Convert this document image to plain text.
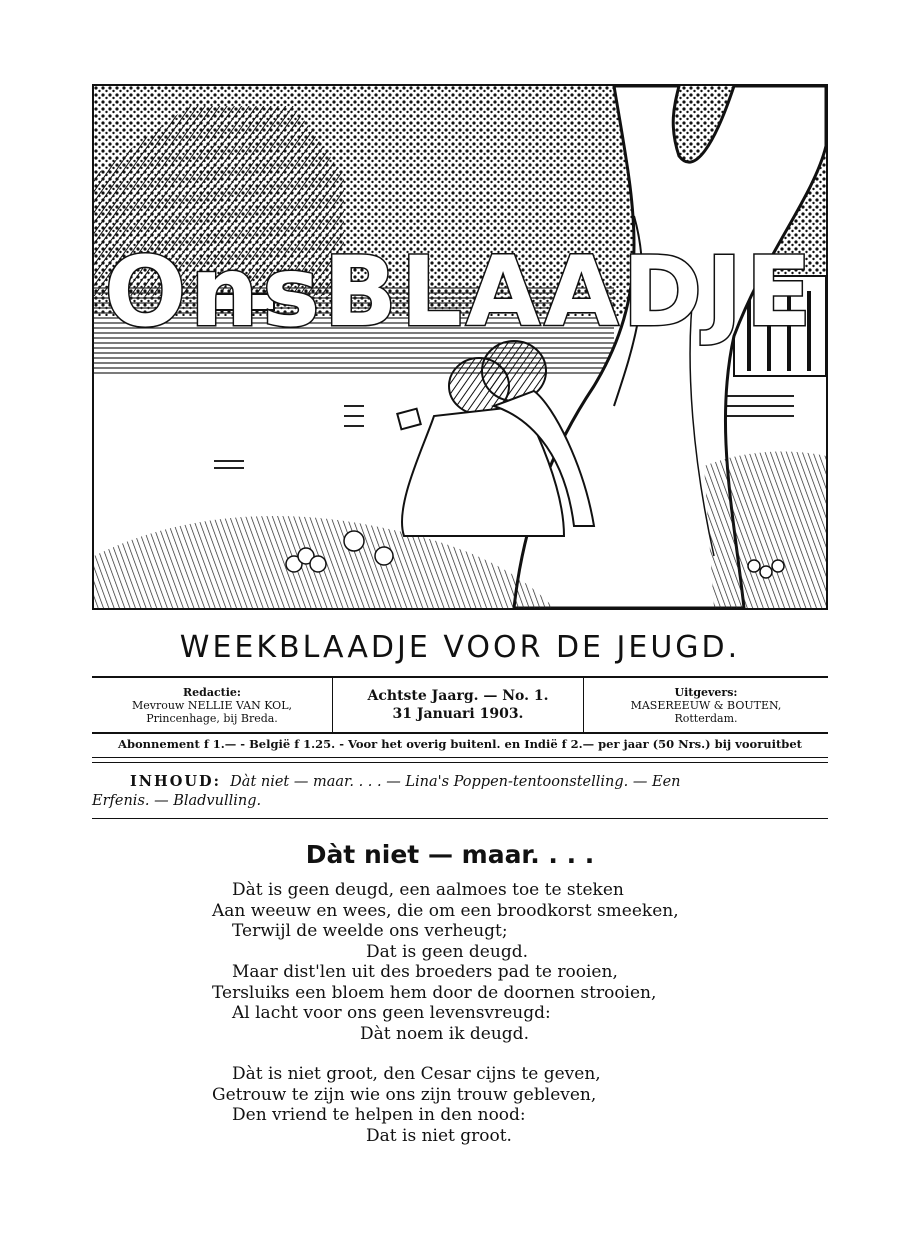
OnsBLAADJE
WEEKBLAADJE VOOR DE JEUGD.
Redactie:
Mevrouw NELLIE VAN KOL,
Princenhage, bij Breda.
Achtste Jaarg. — No. 1.
31 Januari 1903.
Uitgevers:
MASEREEUW & BOUTEN,
Rotterdam.
Abonnement f 1.— - België f 1.25. - Voor het overig buitenl. en Indië f 2.— per jaar (50 Nrs.) bij vooruitbet
INHOUD: Dàt niet — maar. . . . — Lina's Poppen-tentoonstelling. — Een
Erfenis. — Bladvulling.
Dàt niet — maar. . . .
Dàt is geen deugd, een aalmoes toe te steken
Aan weeuw en wees, die om een broodkorst smeeken,
Terwijl de weelde ons verheugt;
Dat is geen deugd.
Maar dist'len uit des broeders pad te rooien,
Tersluiks een bloem hem door de doornen strooien,
Al lacht voor ons geen levensvreugd:
Dàt noem ik deugd.
Dàt is niet groot, den Cesar cijns te geven,
Getrouw te zijn wie ons zijn trouw gebleven,
Den vriend te helpen in den nood:
Dat is niet groot.
